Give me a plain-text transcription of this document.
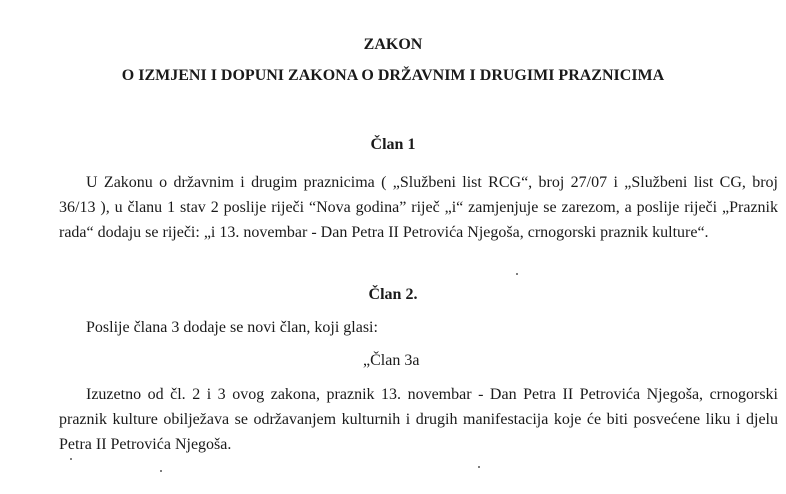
ZAKON
O IZMJENI I DOPUNI ZAKONA O DRŽAVNIM I DRUGIMI PRAZNICIMA
Član 1
U Zakonu o državnim i drugim praznicima ( „Službeni list RCG“, broj 27/07 i „Službeni list CG, broj
36/13 ), u članu 1 stav 2 poslije riječi “Nova godina” riječ „i“ zamjenjuje se zarezom, a poslije riječi „Praznik
rada“ dodaju se riječi: „i 13. novembar - Dan Petra II Petrovića Njegoša, crnogorski praznik kulture“.
Član 2.
Poslije člana 3 dodaje se novi član, koji glasi:
„Član 3a
Izuzetno od čl. 2 i 3 ovog zakona, praznik 13. novembar - Dan Petra II Petrovića Njegoša, crnogorski
praznik kulture obilježava se održavanjem kulturnih i drugih manifestacija koje će biti posvećene liku i djelu
Petra II Petrovića Njegoša.
